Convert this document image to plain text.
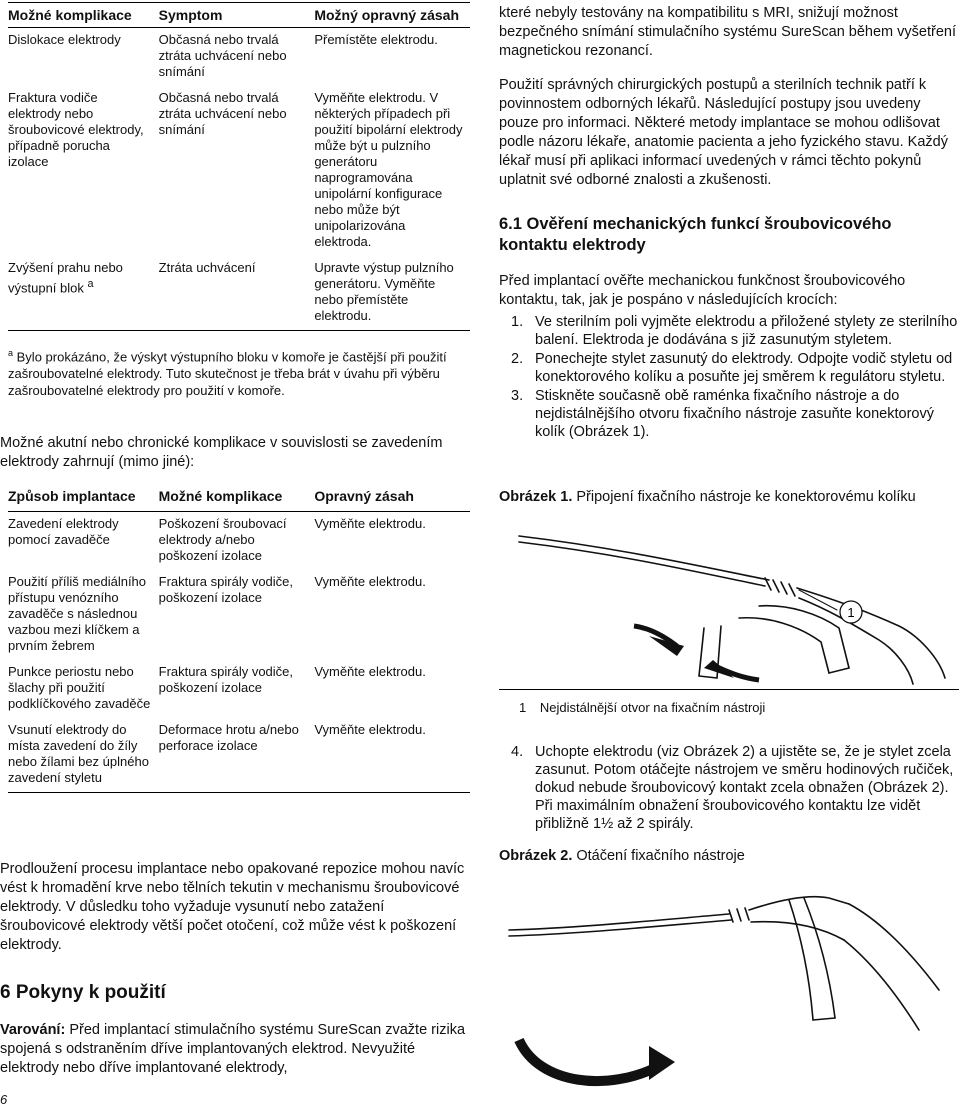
Možné komplikace	Symptom	Možný opravný zásah
Dislokace elektrody	Občasná nebo trvalá ztráta uchvácení nebo snímání	Přemístěte elektrodu.
Fraktura vodiče elektrody nebo šroubovicové elektrody, případně porucha izolace	Občasná nebo trvalá ztráta uchvácení nebo snímání	Vyměňte elektrodu. V některých případech při použití bipolární elektrody může být u pulzního generátoru naprogramována unipolární konfigurace nebo může být unipolarizována elektroda.
Zvýšení prahu nebo výstupní blok $^a$	Ztráta uchvácení	Upravte výstup pulzního generátoru. Vyměňte nebo přemístěte elektrodu.
$^a$ Bylo prokázáno, že výskyt výstupního bloku v komoře je častější při použití zašroubovatelné elektrody. Tuto skutečnost je třeba brát v úvahu při výběru zašroubovatelné elektrody pro použití v komoře.
Možné akutní nebo chronické komplikace v souvislosti se zavedením elektrody zahrnují (mimo jiné):
Způsob implantace	Možné komplikace	Opravný zásah
Zavedení elektrody pomocí zavaděče	Poškození šroubovací elektrody a/nebo poškození izolace	Vyměňte elektrodu.
Použití příliš mediálního přístupu venózního zavaděče s následnou vazbou mezi klíčkem a prvním žebrem	Fraktura spirály vodiče, poškození izolace	Vyměňte elektrodu.
Punkce periostu nebo šlachy při použití podklíčkového zavaděče	Fraktura spirály vodiče, poškození izolace	Vyměňte elektrodu.
Vsunutí elektrody do místa zavedení do žíly nebo žílami bez úplného zavedení styletu	Deformace hrotu a/nebo perforace izolace	Vyměňte elektrodu.
Prodloužení procesu implantace nebo opakované repozice mohou navíc vést k hromadění krve nebo tělních tekutin v mechanismu šroubovicové elektrody. V důsledku toho vyžaduje vysunutí nebo zatažení šroubovicové elektrody větší počet otočení, což může vést k poškození elektrody.
6 Pokyny k použití
Varování: Před implantací stimulačního systému SureScan zvažte rizika spojená s odstraněním dříve implantovaných elektrod. Nevyužité elektrody nebo dříve implantované elektrody,
6
které nebyly testovány na kompatibilitu s MRI, snižují možnost bezpečného snímání stimulačního systému SureScan během vyšetření magnetickou rezonancí.
Použití správných chirurgických postupů a sterilních technik patří k povinnostem odborných lékařů. Následující postupy jsou uvedeny pouze pro informaci. Některé metody implantace se mohou odlišovat podle názoru lékaře, anatomie pacienta a jeho fyzického stavu. Každý lékař musí při aplikaci informací uvedených v rámci těchto pokynů uplatnit své odborné znalosti a zkušenosti.
6.1 Ověření mechanických funkcí šroubovicového kontaktu elektrody
Před implantací ověřte mechanickou funkčnost šroubovicového kontaktu, tak, jak je pospáno v následujících krocích:
1. Ve sterilním poli vyjměte elektrodu a přiložené stylety ze sterilního balení. Elektroda je dodávána s již zasunutým styletem.
2. Ponechejte stylet zasunutý do elektrody. Odpojte vodič styletu od konektorového kolíku a posuňte jej směrem k regulátoru styletu.
3. Stiskněte současně obě raménka fixačního nástroje a do nejdistálnějšího otvoru fixačního nástroje zasuňte konektorový kolík (Obrázek 1).
Obrázek 1. Připojení fixačního nástroje ke konektorovému kolíku
1
1 Nejdistálnější otvor na fixačním nástroji
4. Uchopte elektrodu (viz Obrázek 2) a ujistěte se, že je stylet zcela zasunut. Potom otáčejte nástrojem ve směru hodinových ručiček, dokud nebude šroubovicový kontakt zcela obnažen (Obrázek 2). Při maximálním obnažení šroubovicového kontaktu lze vidět přibližně 1½ až 2 spirály.
Obrázek 2. Otáčení fixačního nástroje
